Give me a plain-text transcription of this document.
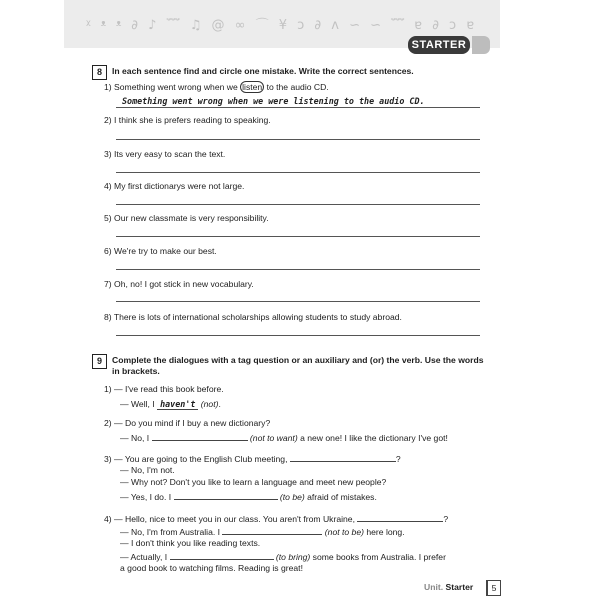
ᵡ ᵜ ᵜ ∂ ♪ ﹌ ♫ @ ∞ ⌒ ¥ ᴐ ∂ ᴧ ∽ ∽ ﹌ ɐ ∂ ᴐ ɐ
STARTER
8	In each sentence find and circle one mistake. Write the correct sentences.
1) Something went wrong when we listen to the audio CD.
Something went wrong when we were listening to the audio CD.
2) I think she is prefers reading to speaking.
3) Its very easy to scan the text.
4) My first dictionarys were not large.
5) Our new classmate is very responsibility.
6) We're try to make our best.
7) Oh, no! I got stick in new vocabulary.
8) There is lots of international scholarships allowing students to study abroad.
9	Complete the dialogues with a tag question or an auxiliary and (or) the verb. Use the words in brackets.
1) — I've read this book before.
— Well, I haven't (not).
2) — Do you mind if I buy a new dictionary?
— No, I	(not to want) a new one! I like the dictionary I've got!
3) — You are going to the English Club meeting,	?
— No, I'm not.
— Why not? Don't you like to learn a language and meet new people?
— Yes, I do. I	(to be) afraid of mistakes.
4) — Hello, nice to meet you in our class. You aren't from Ukraine,	?
— No, I'm from Australia. I	(not to be) here long.
— I don't think you like reading texts.
— Actually, I	(to bring) some books from Australia. I prefer
a good book to watching films. Reading is great!
Unit. Starter	5
